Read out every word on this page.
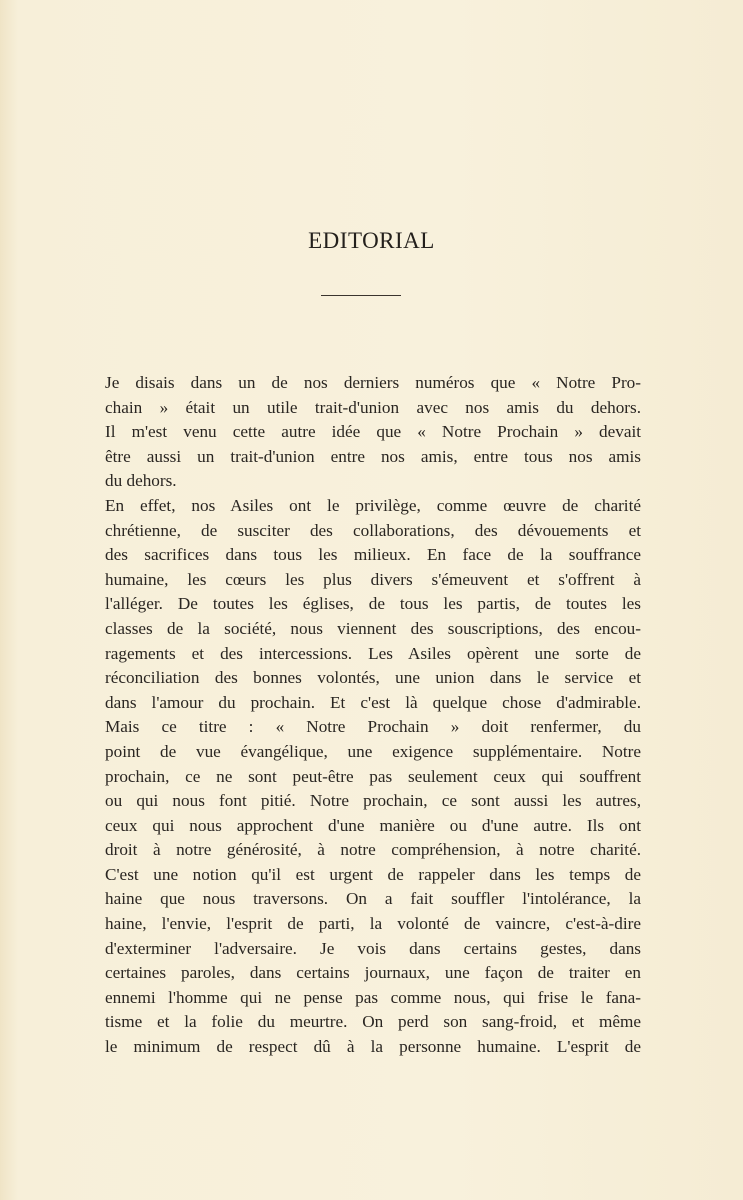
EDITORIAL
Je disais dans un de nos derniers numéros que « Notre Pro-
chain » était un utile trait-d'union avec nos amis du dehors.
Il m'est venu cette autre idée que « Notre Prochain » devait
être aussi un trait-d'union entre nos amis, entre tous nos amis
du dehors.
En effet, nos Asiles ont le privilège, comme œuvre de charité
chrétienne, de susciter des collaborations, des dévouements et
des sacrifices dans tous les milieux. En face de la souffrance
humaine, les cœurs les plus divers s'émeuvent et s'offrent à
l'alléger. De toutes les églises, de tous les partis, de toutes les
classes de la société, nous viennent des souscriptions, des encou-
ragements et des intercessions. Les Asiles opèrent une sorte de
réconciliation des bonnes volontés, une union dans le service et
dans l'amour du prochain. Et c'est là quelque chose d'admirable.
Mais ce titre : « Notre Prochain » doit renfermer, du
point de vue évangélique, une exigence supplémentaire. Notre
prochain, ce ne sont peut-être pas seulement ceux qui souffrent
ou qui nous font pitié. Notre prochain, ce sont aussi les autres,
ceux qui nous approchent d'une manière ou d'une autre. Ils ont
droit à notre générosité, à notre compréhension, à notre charité.
C'est une notion qu'il est urgent de rappeler dans les temps de
haine que nous traversons. On a fait souffler l'intolérance, la
haine, l'envie, l'esprit de parti, la volonté de vaincre, c'est-à-dire
d'exterminer l'adversaire. Je vois dans certains gestes, dans
certaines paroles, dans certains journaux, une façon de traiter en
ennemi l'homme qui ne pense pas comme nous, qui frise le fana-
tisme et la folie du meurtre. On perd son sang-froid, et même
le minimum de respect dû à la personne humaine. L'esprit de
